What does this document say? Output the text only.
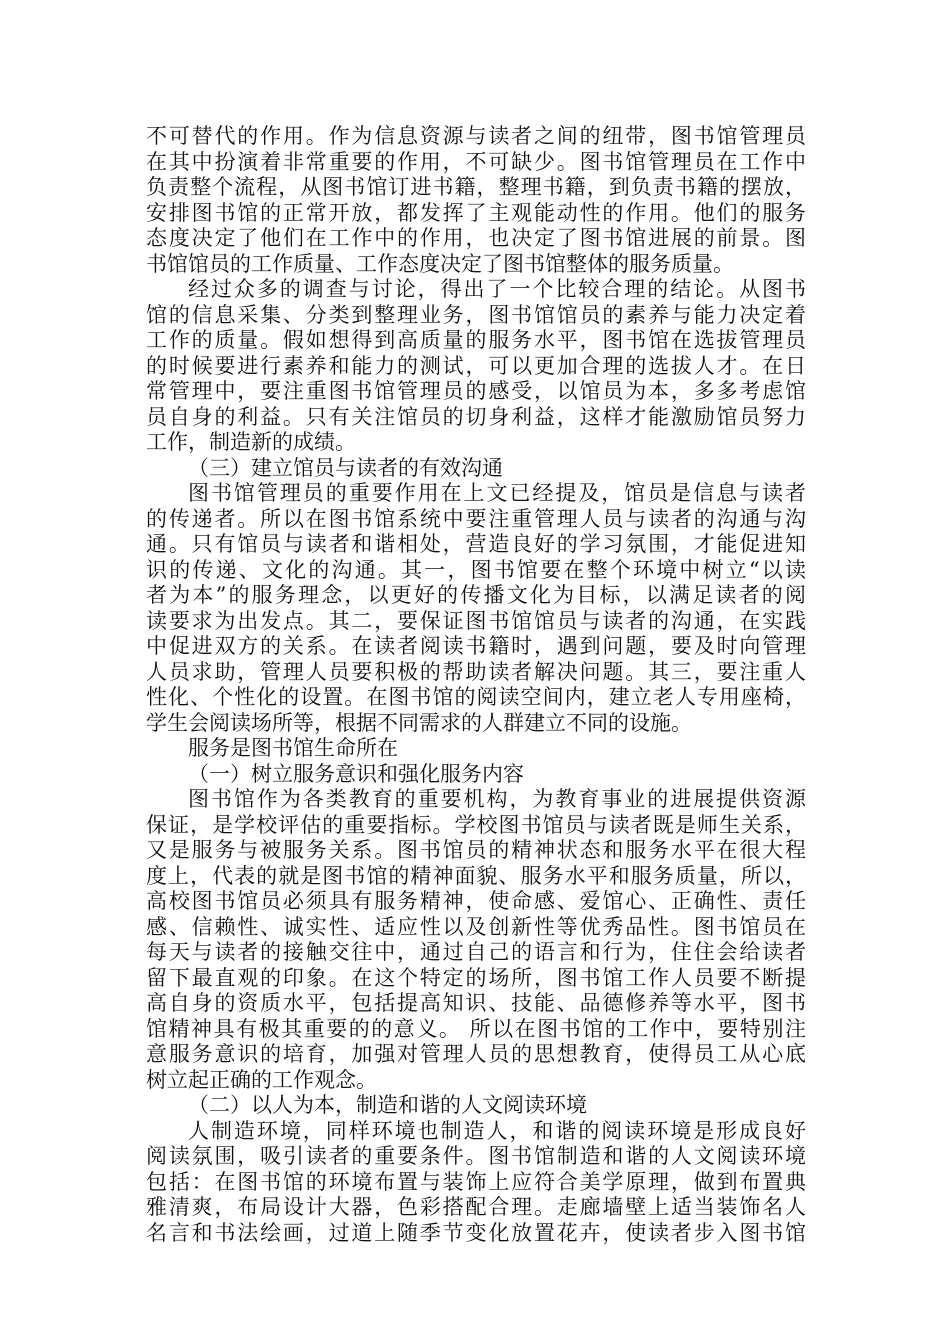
不可替代的作用。作为信息资源与读者之间的纽带，图书馆管理员
在其中扮演着非常重要的作用，不可缺少。图书馆管理员在工作中
负责整个流程，从图书馆订进书籍，整理书籍，到负责书籍的摆放，
安排图书馆的正常开放，都发挥了主观能动性的作用。他们的服务
态度决定了他们在工作中的作用，也决定了图书馆进展的前景。图
书馆馆员的工作质量、工作态度决定了图书馆整体的服务质量。
经过众多的调查与讨论，得出了一个比较合理的结论。从图书
馆的信息采集、分类到整理业务，图书馆馆员的素养与能力决定着
工作的质量。假如想得到高质量的服务水平，图书馆在选拔管理员
的时候要进行素养和能力的测试，可以更加合理的选拔人才。在日
常管理中，要注重图书馆管理员的感受，以馆员为本，多多考虑馆
员自身的利益。只有关注馆员的切身利益，这样才能激励馆员努力
工作，制造新的成绩。
（三）建立馆员与读者的有效沟通
图书馆管理员的重要作用在上文已经提及，馆员是信息与读者
的传递者。所以在图书馆系统中要注重管理人员与读者的沟通与沟
通。只有馆员与读者和谐相处，营造良好的学习氛围，才能促进知
识的传递、文化的沟通。其一，图书馆要在整个环境中树立“以读
者为本”的服务理念，以更好的传播文化为目标，以满足读者的阅
读要求为出发点。其二，要保证图书馆馆员与读者的沟通，在实践
中促进双方的关系。在读者阅读书籍时，遇到问题，要及时向管理
人员求助，管理人员要积极的帮助读者解决问题。其三，要注重人
性化、个性化的设置。在图书馆的阅读空间内，建立老人专用座椅，
学生会阅读场所等，根据不同需求的人群建立不同的设施。
服务是图书馆生命所在
（一）树立服务意识和强化服务内容
图书馆作为各类教育的重要机构，为教育事业的进展提供资源
保证，是学校评估的重要指标。学校图书馆员与读者既是师生关系，
又是服务与被服务关系。图书馆员的精神状态和服务水平在很大程
度上，代表的就是图书馆的精神面貌、服务水平和服务质量，所以，
高校图书馆员必须具有服务精神，使命感、爱馆心、正确性、责任
感、信赖性、诚实性、适应性以及创新性等优秀品性。图书馆员在
每天与读者的接触交往中，通过自己的语言和行为，住住会给读者
留下最直观的印象。在这个特定的场所，图书馆工作人员要不断提
高自身的资质水平，包括提高知识、技能、品德修养等水平，图书
馆精神具有极其重要的的意义。 所以在图书馆的工作中，要特别注
意服务意识的培育，加强对管理人员的思想教育，使得员工从心底
树立起正确的工作观念。
（二）以人为本，制造和谐的人文阅读环境
人制造环境，同样环境也制造人，和谐的阅读环境是形成良好
阅读氛围，吸引读者的重要条件。图书馆制造和谐的人文阅读环境
包括：在图书馆的环境布置与装饰上应符合美学原理，做到布置典
雅清爽，布局设计大器，色彩搭配合理。走廊墙壁上适当装饰名人
名言和书法绘画，过道上随季节变化放置花卉，使读者步入图书馆
